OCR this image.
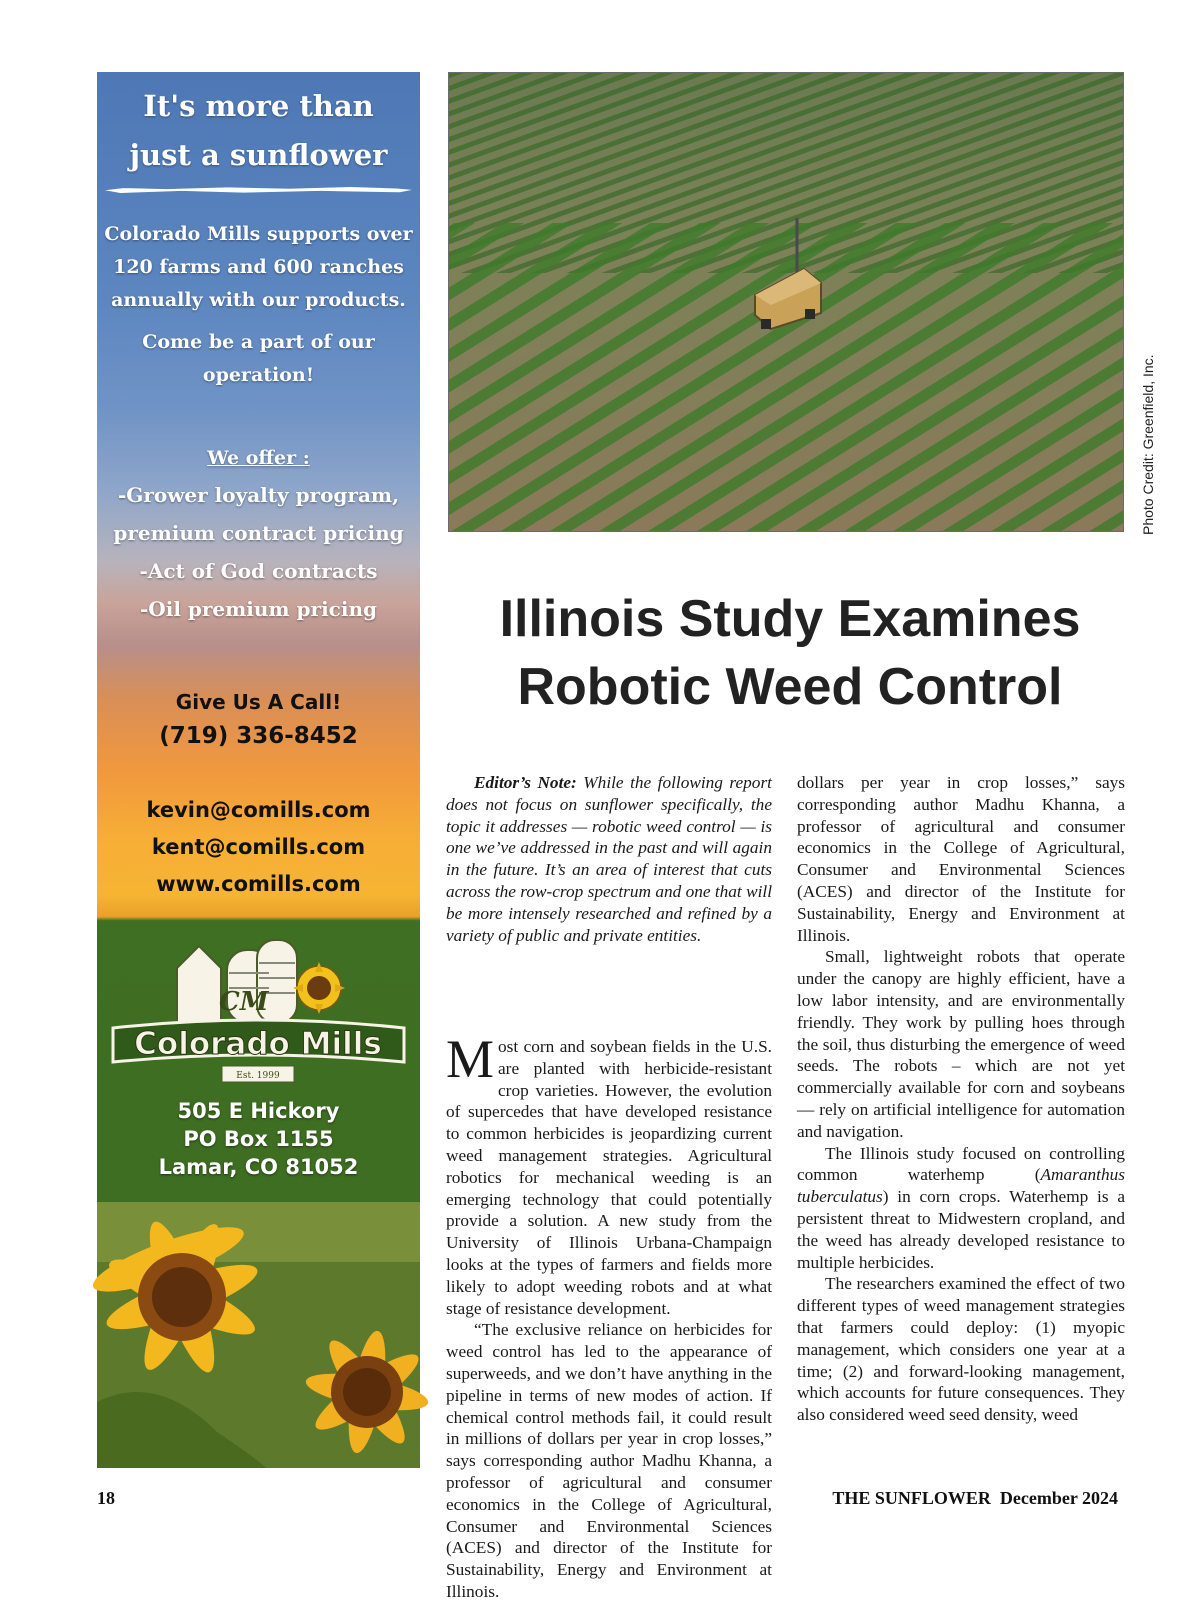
It's more than
just a sunflower
Colorado Mills supports over 120 farms and 600 ranches annually with our products.
Come be a part of our operation!
We offer :
-Grower loyalty program, premium contract pricing
-Act of God contracts
-Oil premium pricing
Give Us A Call!
(719) 336-8452
kevin@comills.com
kent@comills.com
www.comills.com
CM
Colorado Mills
Est. 1999
505 E Hickory
PO Box 1155
Lamar, CO 81052
Photo Credit: Greenfield, Inc.
Illinois Study Examines Robotic Weed Control

Editor’s Note: While the following report does not focus on sunflower specifically, the topic it addresses — robotic weed control — is one we’ve addressed in the past and will again in the future. It’s an area of interest that cuts across the row-crop spectrum and one that will be more intensely researched and refined by a variety of public and private entities.

Most corn and soybean fields in the U.S. are planted with herbicide-resistant crop varieties. However, the evolution of supercedes that have developed resistance to common herbicides is jeopardizing current weed management strategies. Agricultural robotics for mechanical weeding is an emerging technology that could potentially provide a solution. A new study from the University of Illinois Urbana-Champaign looks at the types of farmers and fields more likely to adopt weeding robots and at what stage of resistance development.

“The exclusive reliance on herbicides for weed control has led to the appearance of superweeds, and we don’t have anything in the pipeline in terms of new modes of action. If chemical control methods fail, it could result in millions of dollars per year in crop losses,” says corresponding author Madhu Khanna, a professor of agricultural and consumer economics in the College of Agricultural, Consumer and Environmental Sciences (ACES) and director of the Institute for Sustainability, Energy and Environment at Illinois.

dollars per year in crop losses,” says corresponding author Madhu Khanna, a professor of agricultural and consumer economics in the College of Agricultural, Consumer and Environmental Sciences (ACES) and director of the Institute for Sustainability, Energy and Environment at Illinois.

Small, lightweight robots that operate under the canopy are highly efficient, have a low labor intensity, and are environmentally friendly. They work by pulling hoes through the soil, thus disturbing the emergence of weed seeds. The robots – which are not yet commercially available for corn and soybeans — rely on artificial intelligence for automation and navigation.

The Illinois study focused on controlling common waterhemp (Amaranthus tuberculatus) in corn crops. Waterhemp is a persistent threat to Midwestern cropland, and the weed has already developed resistance to multiple herbicides.

The researchers examined the effect of two different types of weed management strategies that farmers could deploy: (1) myopic management, which considers one year at a time; (2) and forward-looking management, which accounts for future consequences. They also considered weed seed density, weed

18	THE SUNFLOWER  December 2024
